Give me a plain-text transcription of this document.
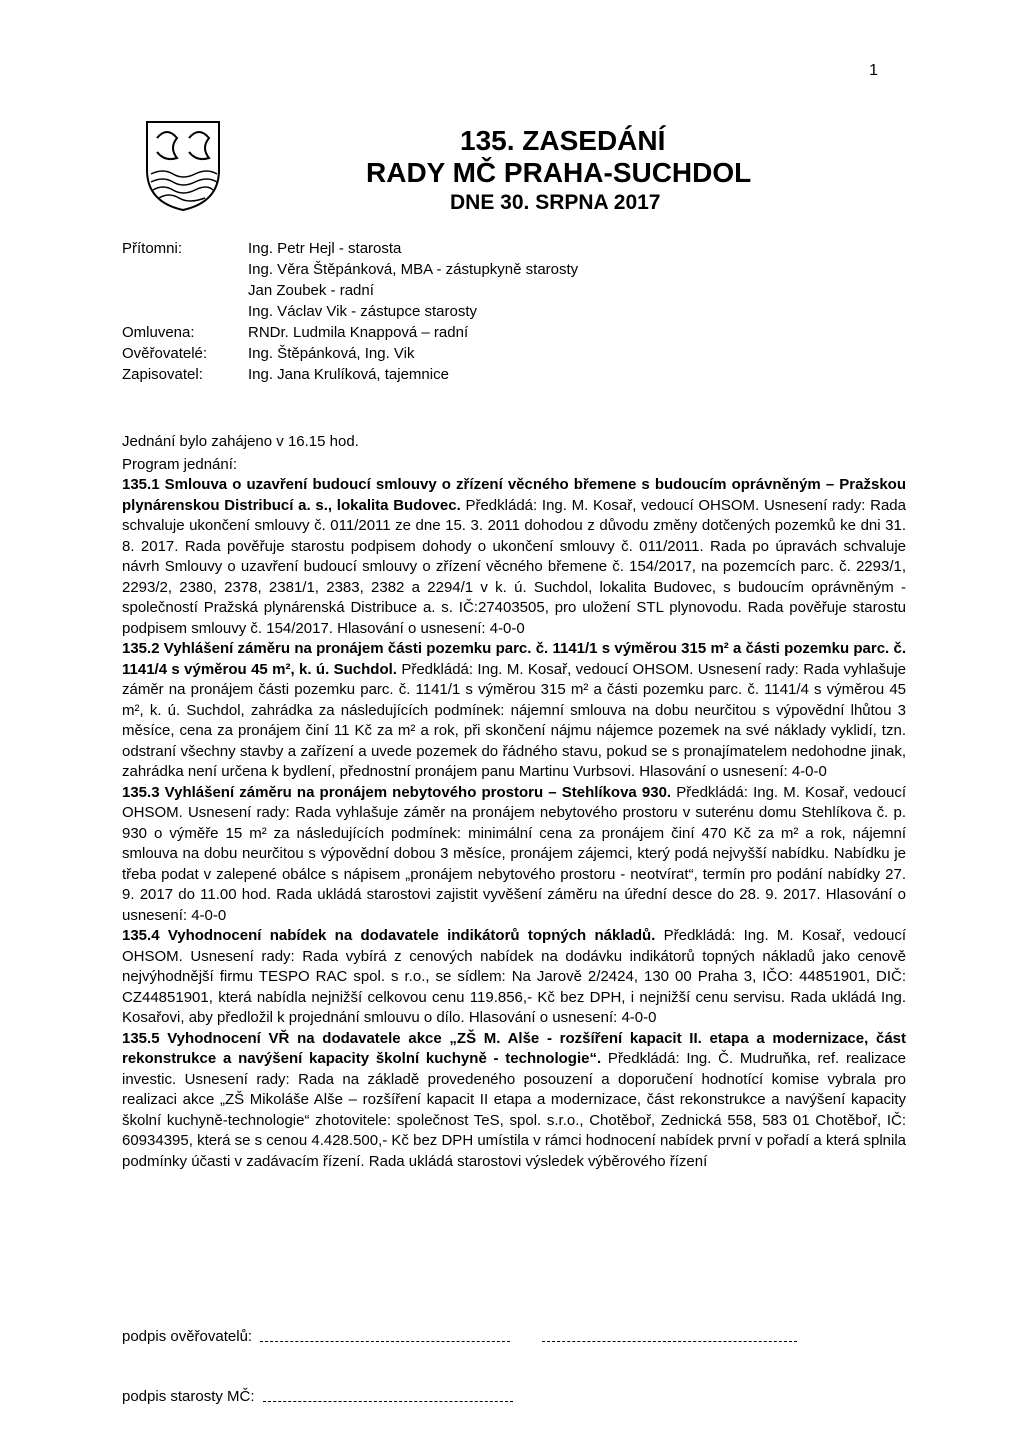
1
135. ZASEDÁNÍ
RADY MČ PRAHA-SUCHDOL
DNE 30. SRPNA 2017
Přítomni:	Ing. Petr Hejl - starosta
Ing. Věra Štěpánková, MBA - zástupkyně starosty
Jan Zoubek - radní
Ing. Václav Vik - zástupce starosty
Omluvena:	RNDr. Ludmila Knappová – radní
Ověřovatelé:	Ing. Štěpánková, Ing. Vik
Zapisovatel:	Ing. Jana Krulíková, tajemnice

Jednání bylo zahájeno v 16.15 hod.

Program jednání:

135.1 Smlouva o uzavření budoucí smlouvy o zřízení věcného břemene s budoucím oprávněným – Pražskou plynárenskou Distribucí a. s., lokalita Budovec. Předkládá: Ing. M. Kosař, vedoucí OHSOM. Usnesení rady: Rada schvaluje ukončení smlouvy č. 011/2011 ze dne 15. 3. 2011 dohodou z důvodu změny dotčených pozemků ke dni 31. 8. 2017. Rada pověřuje starostu podpisem dohody o ukončení smlouvy č. 011/2011. Rada po úpravách schvaluje návrh Smlouvy o uzavření budoucí smlouvy o zřízení věcného břemene č. 154/2017, na pozemcích parc. č. 2293/1, 2293/2, 2380, 2378, 2381/1, 2383, 2382 a 2294/1 v k. ú. Suchdol, lokalita Budovec, s budoucím oprávněným - společností Pražská plynárenská Distribuce a. s. IČ:27403505, pro uložení STL plynovodu. Rada pověřuje starostu podpisem smlouvy č. 154/2017. Hlasování o usnesení: 4-0-0

135.2 Vyhlášení záměru na pronájem části pozemku parc. č. 1141/1 s výměrou 315 m² a části pozemku parc. č. 1141/4 s výměrou 45 m², k. ú. Suchdol. Předkládá: Ing. M. Kosař, vedoucí OHSOM. Usnesení rady: Rada vyhlašuje záměr na pronájem části pozemku parc. č. 1141/1 s výměrou 315 m² a části pozemku parc. č. 1141/4 s výměrou 45 m², k. ú. Suchdol, zahrádka za následujících podmínek: nájemní smlouva na dobu neurčitou s výpovědní lhůtou 3 měsíce, cena za pronájem činí 11 Kč za m² a rok, při skončení nájmu nájemce pozemek na své náklady vyklidí, tzn. odstraní všechny stavby a zařízení a uvede pozemek do řádného stavu, pokud se s pronajímatelem nedohodne jinak, zahrádka není určena k bydlení, přednostní pronájem panu Martinu Vurbsovi. Hlasování o usnesení: 4-0-0

135.3 Vyhlášení záměru na pronájem nebytového prostoru – Stehlíkova 930. Předkládá: Ing. M. Kosař, vedoucí OHSOM. Usnesení rady: Rada vyhlašuje záměr na pronájem nebytového prostoru v suterénu domu Stehlíkova č. p. 930 o výměře 15 m² za následujících podmínek: minimální cena za pronájem činí 470 Kč za m² a rok, nájemní smlouva na dobu neurčitou s výpovědní dobou 3 měsíce, pronájem zájemci, který podá nejvyšší nabídku. Nabídku je třeba podat v zalepené obálce s nápisem „pronájem nebytového prostoru - neotvírat“, termín pro podání nabídky 27. 9. 2017 do 11.00 hod. Rada ukládá starostovi zajistit vyvěšení záměru na úřední desce do 28. 9. 2017. Hlasování o usnesení: 4-0-0

135.4 Vyhodnocení nabídek na dodavatele indikátorů topných nákladů. Předkládá: Ing. M. Kosař, vedoucí OHSOM. Usnesení rady: Rada vybírá z cenových nabídek na dodávku indikátorů topných nákladů jako cenově nejvýhodnější firmu TESPO RAC spol. s r.o., se sídlem: Na Jarově 2/2424, 130 00 Praha 3, IČO: 44851901, DIČ: CZ44851901, která nabídla nejnižší celkovou cenu 119.856,- Kč bez DPH, i nejnižší cenu servisu. Rada ukládá Ing. Kosařovi, aby předložil k projednání smlouvu o dílo. Hlasování o usnesení: 4-0-0

135.5 Vyhodnocení VŘ na dodavatele akce „ZŠ M. Alše - rozšíření kapacit II. etapa a modernizace, část rekonstrukce a navýšení kapacity školní kuchyně - technologie“. Předkládá: Ing. Č. Mudruňka, ref. realizace investic. Usnesení rady: Rada na základě provedeného posouzení a doporučení hodnotící komise vybrala pro realizaci akce „ZŠ Mikoláše Alše – rozšíření kapacit II etapa a modernizace, část rekonstrukce a navýšení kapacity školní kuchyně-technologie“ zhotovitele: společnost TeS, spol. s.r.o., Chotěboř, Zednická 558, 583 01 Chotěboř, IČ: 60934395, která se s cenou 4.428.500,- Kč bez DPH umístila v rámci hodnocení nabídek první v pořadí a která splnila podmínky účasti v zadávacím řízení. Rada ukládá starostovi výsledek výběrového řízení

podpis ověřovatelů:
podpis starosty MČ:
